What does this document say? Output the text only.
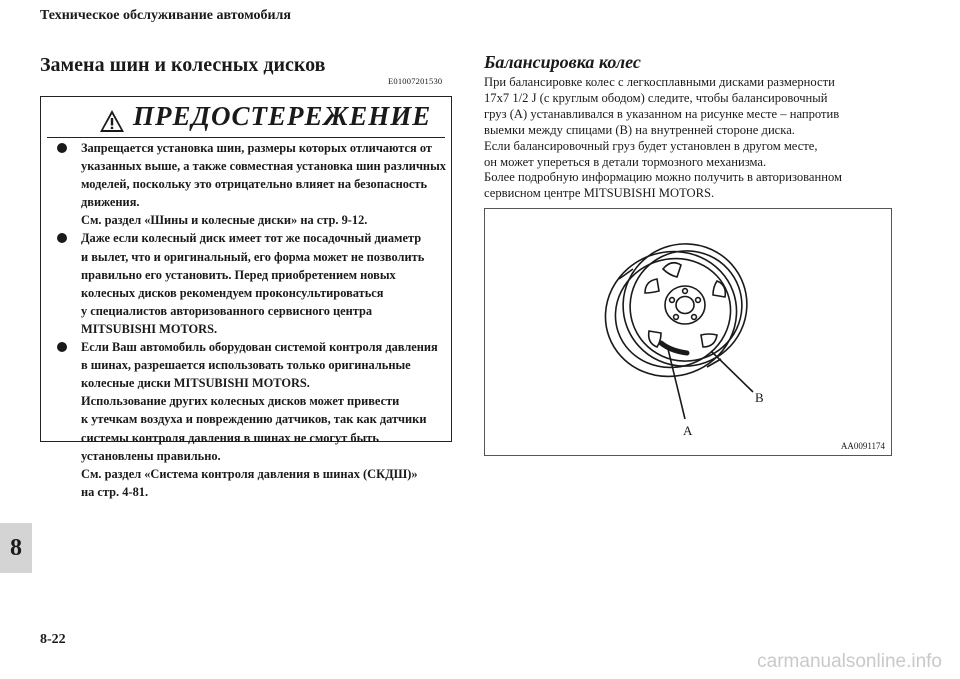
Техническое обслуживание автомобиля
Замена шин и колесных дисков
E01007201530
ПРЕДОСТЕРЕЖЕНИЕ
Запрещается установка шин, размеры которых отличаются от
указанных выше, а также совместная установка шин различных
моделей, поскольку это отрицательно влияет на безопасность
движения.
См. раздел «Шины и колесные диски» на стр. 9-12.
Даже если колесный диск имеет тот же посадочный диаметр
и вылет, что и оригинальный, его форма может не позволить
правильно его установить. Перед приобретением новых
колесных дисков рекомендуем проконсультироваться
у специалистов авторизованного сервисного центра
MITSUBISHI MOTORS.
Если Ваш автомобиль оборудован системой контроля давления
в шинах, разрешается использовать только оригинальные
колесные диски MITSUBISHI MOTORS.
Использование других колесных дисков может привести
к утечкам воздуха и повреждению датчиков, так как датчики
системы контроля давления в шинах не смогут быть
установлены правильно.
См. раздел «Система контроля давления в шинах (СКДШ)»
на стр. 4-81.
Балансировка колес
При балансировке колес с легкосплавными дисками размерности
17x7 1/2 J (с круглым ободом) следите, чтобы балансировочный
груз (A) устанавливался в указанном на рисунке месте – напротив
выемки между спицами (B) на внутренней стороне диска.
Если балансировочный груз будет установлен в другом месте,
он может упереться в детали тормозного механизма.
Более подробную информацию можно получить в авторизованном
сервисном центре MITSUBISHI MOTORS.
A
B
AA0091174
8
8-22
carmanualsonline.info
